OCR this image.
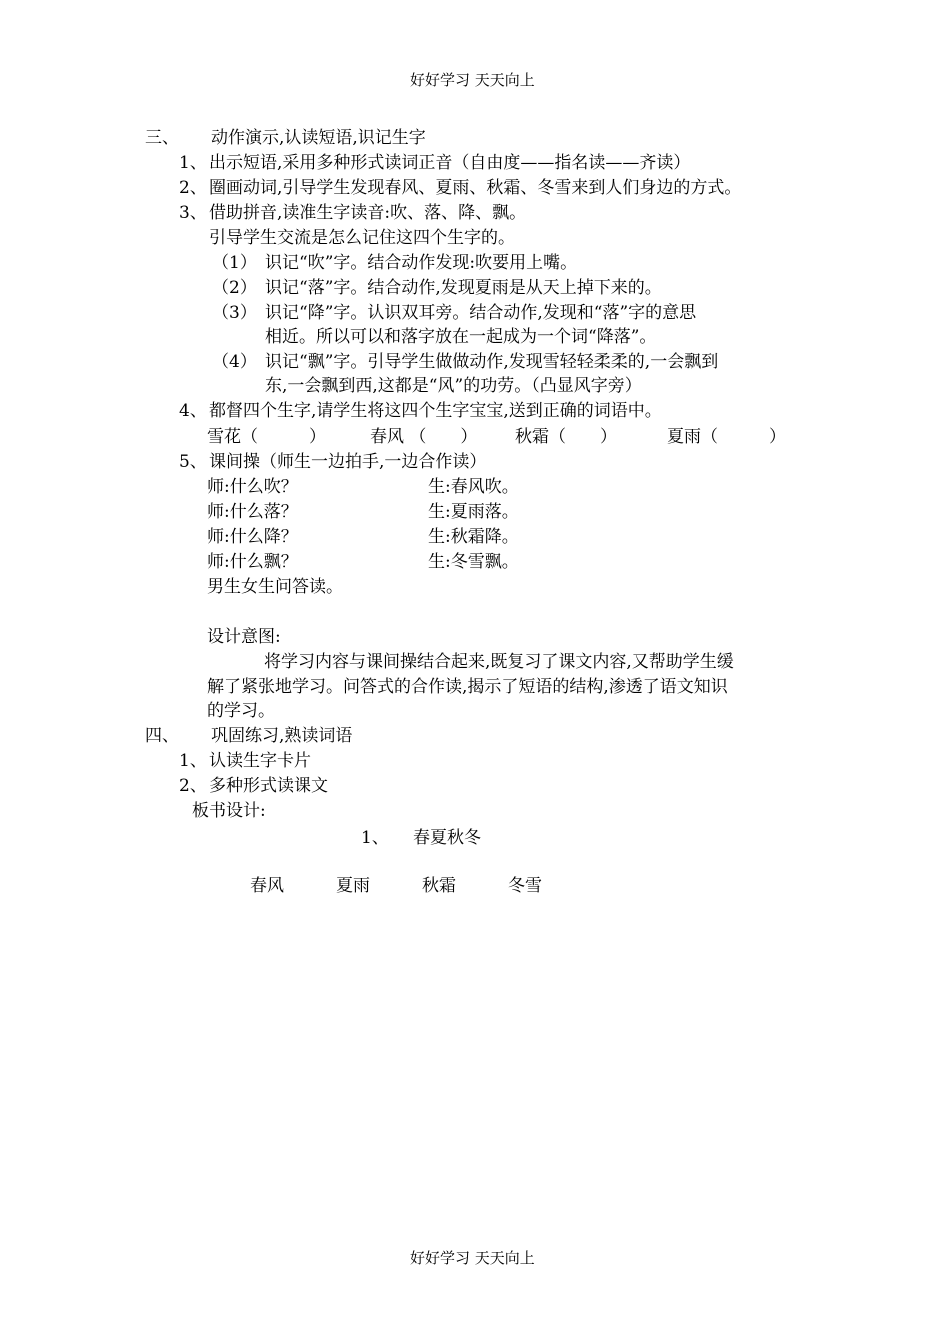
好好学习 天天向上
三、 动作演示,认读短语,识记生字
1、 出示短语,采用多种形式读词正音（自由度——指名读——齐读）
2、 圈画动词,引导学生发现春风、夏雨、秋霜、冬雪来到人们身边的方式。
3、 借助拼音,读准生字读音:吹、落、降、飘。
引导学生交流是怎么记住这四个生字的。
（1） 识记“吹”字。结合动作发现:吹要用上嘴。
（2） 识记“落”字。结合动作,发现夏雨是从天上掉下来的。
（3） 识记“降”字。认识双耳旁。结合动作,发现和“落”字的意思
相近。所以可以和落字放在一起成为一个词“降落”。
（4） 识记“飘”字。引导学生做做动作,发现雪轻轻柔柔的,一会飘到
东,一会飘到西,这都是“风”的功劳。（凸显风字旁）
4、 都督四个生字,请学生将这四个生字宝宝,送到正确的词语中。
雪花（　　　）	春风 （　　） 秋霜（　　）	夏雨（　　　）
5、 课间操（师生一边拍手,一边合作读）
师:什么吹？	生:春风吹。
师:什么落？	生:夏雨落。
师:什么降？	生:秋霜降。
师:什么飘？	生:冬雪飘。
男生女生问答读。
设计意图:
将学习内容与课间操结合起来,既复习了课文内容,又帮助学生缓
解了紧张地学习。问答式的合作读,揭示了短语的结构,渗透了语文知识
的学习。
四、 巩固练习,熟读词语
1、 认读生字卡片
2、 多种形式读课文
板书设计:
1、 春夏秋冬
春风	夏雨	秋霜	冬雪
好好学习 天天向上
